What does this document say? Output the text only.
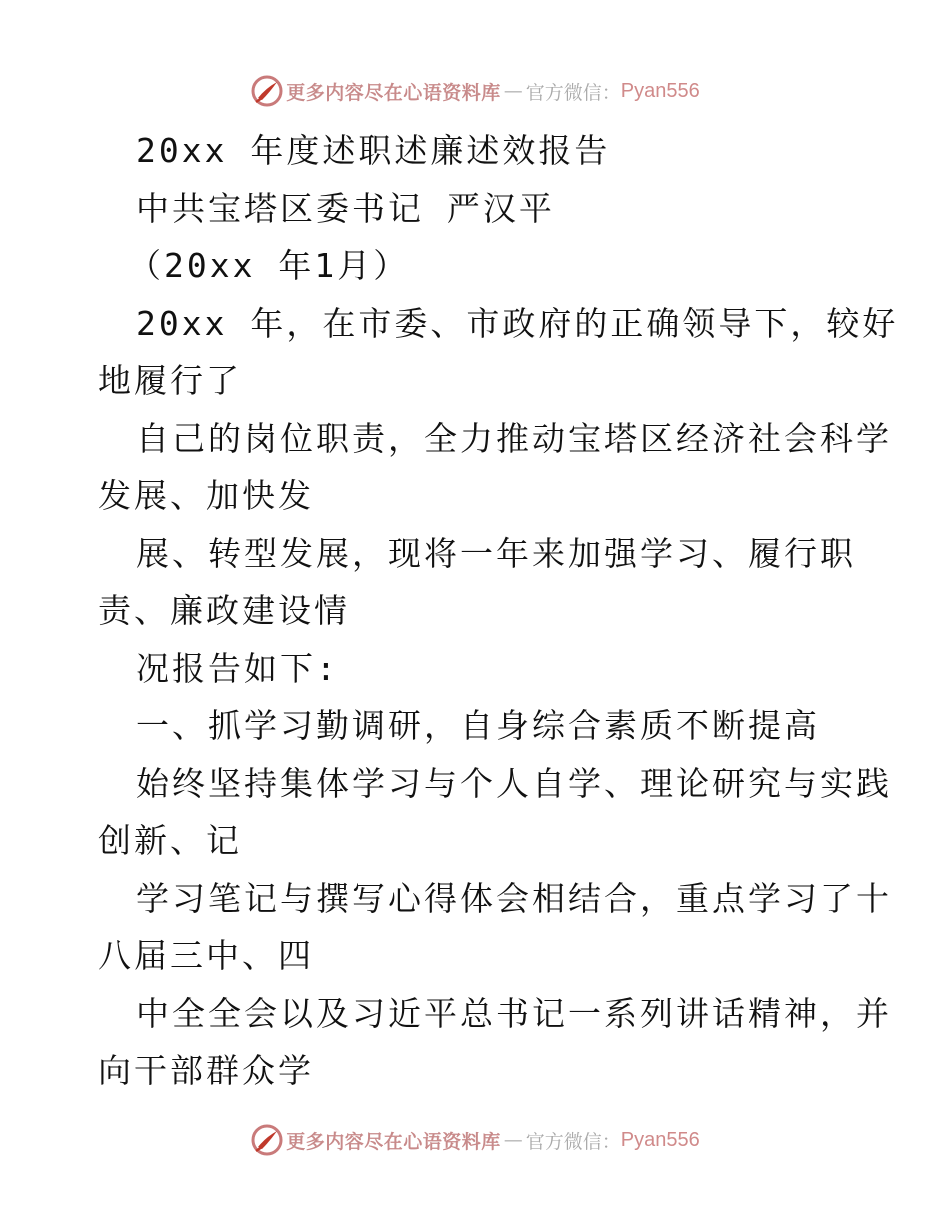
更多内容尽在心语资料库 — 官方微信： Pyan556
20xx 年度述职述廉述效报告
中共宝塔区委书记 严汉平
（20xx 年1月）
20xx 年，在市委、市政府的正确领导下，较好
地履行了
自己的岗位职责，全力推动宝塔区经济社会科学
发展、加快发
展、转型发展，现将一年来加强学习、履行职
责、廉政建设情
况报告如下:
一、抓学习勤调研，自身综合素质不断提高
始终坚持集体学习与个人自学、理论研究与实践
创新、记
学习笔记与撰写心得体会相结合，重点学习了十
八届三中、四
中全全会以及习近平总书记一系列讲话精神，并
向干部群众学
更多内容尽在心语资料库 — 官方微信： Pyan556
